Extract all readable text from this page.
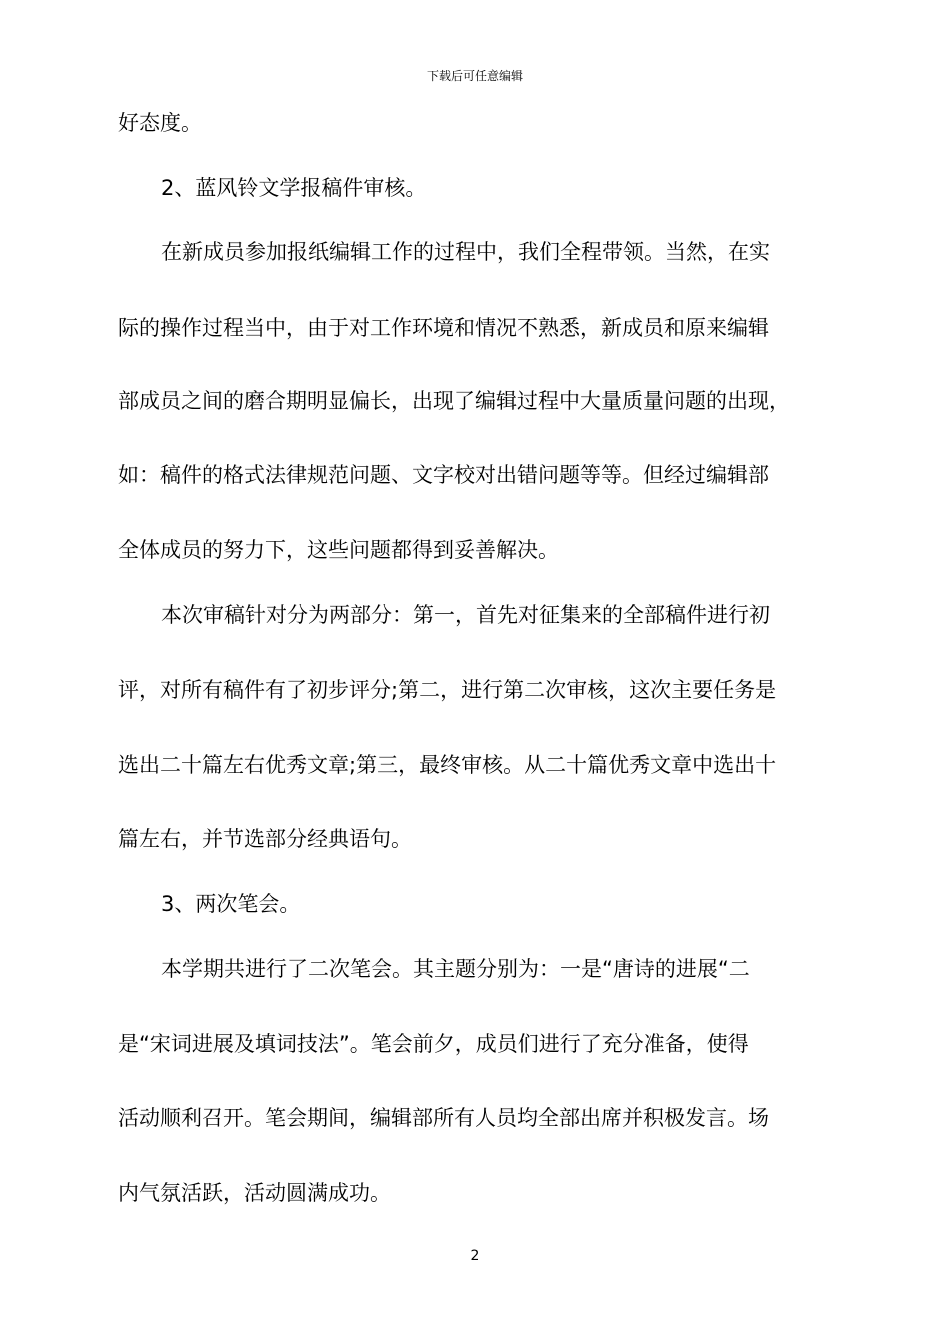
下载后可任意编辑
好态度。
2、蓝风铃文学报稿件审核。
在新成员参加报纸编辑工作的过程中，我们全程带领。当然，在实
际的操作过程当中，由于对工作环境和情况不熟悉，新成员和原来编辑
部成员之间的磨合期明显偏长，出现了编辑过程中大量质量问题的出现，
如：稿件的格式法律规范问题、文字校对出错问题等等。但经过编辑部
全体成员的努力下，这些问题都得到妥善解决。
本次审稿针对分为两部分：第一，首先对征集来的全部稿件进行初
评，对所有稿件有了初步评分;第二，进行第二次审核，这次主要任务是
选出二十篇左右优秀文章;第三，最终审核。从二十篇优秀文章中选出十
篇左右，并节选部分经典语句。
3、两次笔会。
本学期共进行了二次笔会。其主题分别为：一是“唐诗的进展“二
是“宋词进展及填词技法”。笔会前夕，成员们进行了充分准备，使得
活动顺利召开。笔会期间，编辑部所有人员均全部出席并积极发言。场
内气氛活跃，活动圆满成功。
2
